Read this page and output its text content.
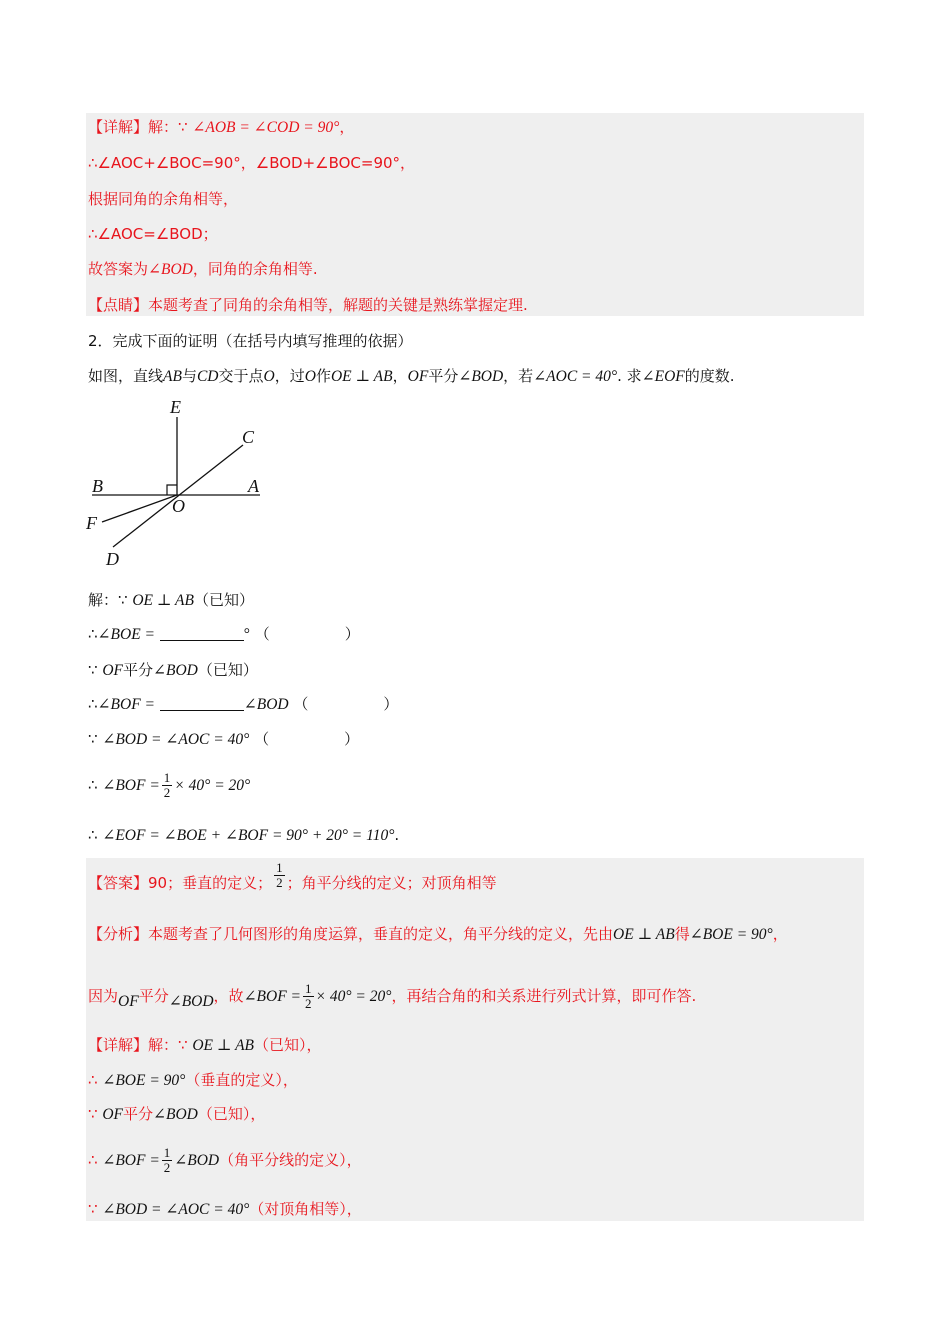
【详解】解：∵ ∠AOB = ∠COD = 90°，
∴∠AOC+∠BOC=90°，∠BOD+∠BOC=90°，
根据同角的余角相等，
∴∠AOC=∠BOD；
故答案为∠BOD，同角的余角相等.
【点睛】本题考查了同角的余角相等，解题的关键是熟练掌握定理.
2．完成下面的证明（在括号内填写推理的依据）
如图，直线AB与CD交于点O，过O作OE ⊥ AB，OF平分∠BOD，若∠AOC = 40°. 求∠EOF的度数.
E
C
B	A
O
F
D
解：∵ OE ⊥ AB（已知）
∴∠BOE =	° （　　　　　）
∵ OF平分∠BOD（已知）
∴∠BOF =	∠BOD （　　　　　）
∵ ∠BOD = ∠AOC = 40° （　　　　　）
∴ ∠BOF = $\frac{1}{2} \times 40^\circ = 20^\circ$
∴ ∠EOF = ∠BOE + ∠BOF = 90° + 20° = 110°.
【答案】90；垂直的定义； $\frac{1}{2}$ ；角平分线的定义；对顶角相等
【分析】本题考查了几何图形的角度运算，垂直的定义，角平分线的定义，先由OE ⊥ AB得∠BOE = 90°，
因为OF平分∠BOD，故∠BOF = $\frac{1}{2} \times 40^\circ = 20^\circ$，再结合角的和关系进行列式计算，即可作答.
【详解】解：∵ OE ⊥ AB（已知），
∴ ∠BOE = 90°（垂直的定义），
∵ OF平分∠BOD（已知），
∴ ∠BOF = $\frac{1}{2}$ ∠BOD（角平分线的定义），
∵ ∠BOD = ∠AOC = 40°（对顶角相等），
